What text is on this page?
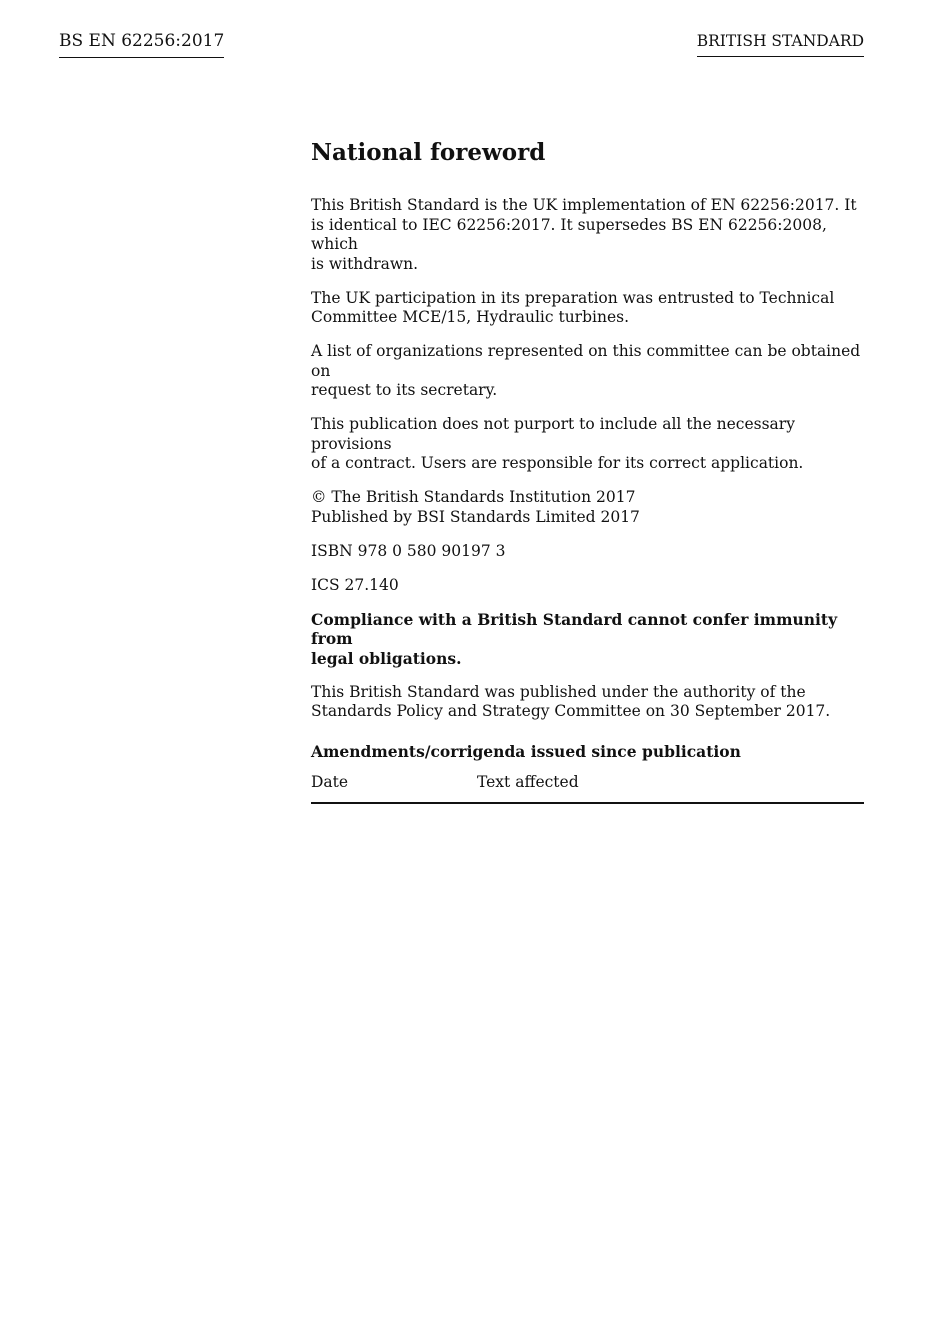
BS EN 62256:2017	BRITISH STANDARD
National foreword
This British Standard is the UK implementation of EN 62256:2017. It
is identical to IEC 62256:2017. It supersedes BS EN 62256:2008, which
is withdrawn.
The UK participation in its preparation was entrusted to Technical
Committee MCE/15, Hydraulic turbines.
A list of organizations represented on this committee can be obtained on
request to its secretary.
This publication does not purport to include all the necessary provisions
of a contract. Users are responsible for its correct application.
© The British Standards Institution 2017
Published by BSI Standards Limited 2017
ISBN 978 0 580 90197 3
ICS 27.140
Compliance with a British Standard cannot confer immunity from
legal obligations.
This British Standard was published under the authority of the
Standards Policy and Strategy Committee on 30 September 2017.
Amendments/corrigenda issued since publication
Date	Text affected
